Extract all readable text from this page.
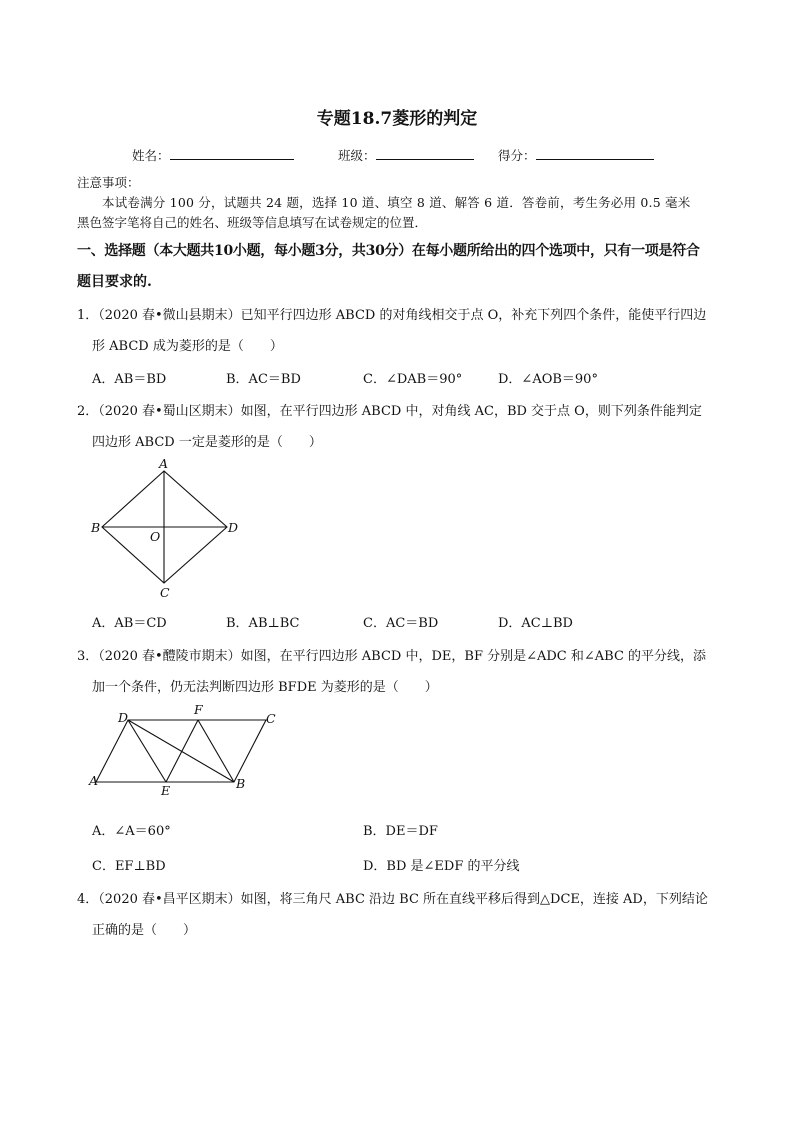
专题18.7菱形的判定
姓名：	班级：	得分：
注意事项：
本试卷满分 100 分，试题共 24 题，选择 10 道、填空 8 道、解答 6 道．答卷前，考生务必用 0.5 毫米
黑色签字笔将自己的姓名、班级等信息填写在试卷规定的位置．
一、选择题（本大题共10小题，每小题3分，共30分）在每小题所给出的四个选项中，只有一项是符合
题目要求的.
1．（2020 春•微山县期末）已知平行四边形 ABCD 的对角线相交于点 O，补充下列四个条件，能使平行四边
形 ABCD 成为菱形的是（　　）
A．AB＝BD	B．AC＝BD	C．∠DAB＝90°	D．∠AOB＝90°
2．（2020 春•蜀山区期末）如图，在平行四边形 ABCD 中，对角线 AC，BD 交于点 O，则下列条件能判定
四边形 ABCD 一定是菱形的是（　　）
A
B
C
D
O
A．AB＝CD	B．AB⊥BC	C．AC＝BD	D．AC⊥BD
3．（2020 春•醴陵市期末）如图，在平行四边形 ABCD 中，DE，BF 分别是∠ADC 和∠ABC 的平分线，添
加一个条件，仍无法判断四边形 BFDE 为菱形的是（　　）
D
F
C
A
E	B
A．∠A＝60°	B．DE＝DF
C．EF⊥BD	D．BD 是∠EDF 的平分线
4．（2020 春•昌平区期末）如图，将三角尺 ABC 沿边 BC 所在直线平移后得到△DCE，连接 AD，下列结论
正确的是（　　）
